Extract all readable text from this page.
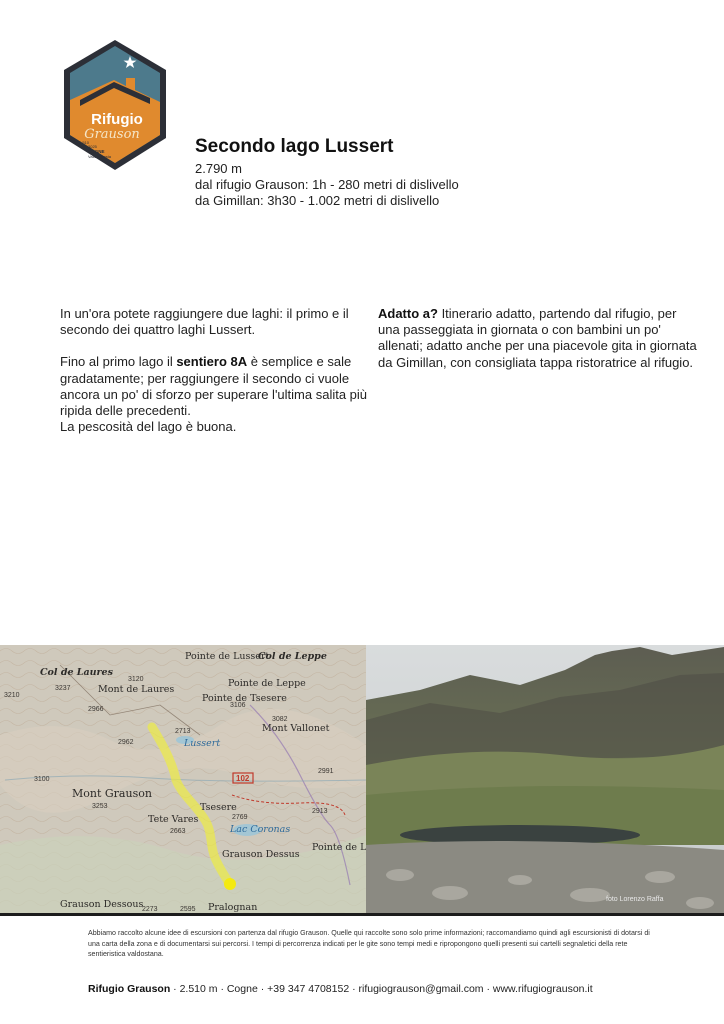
Rifugio
Grauson
2.510
3025
COGNE
Valle d'Aosta	Secondo lago Lussert
2.790 m
dal rifugio Grauson: 1h - 280 metri di dislivello
da Gimillan: 3h30 - 1.002 metri di dislivello

In un'ora potete raggiungere due laghi: il primo e il secondo dei quattro laghi Lussert.

Fino al primo lago il sentiero 8A è semplice e sale gradatamente; per raggiungere il secondo ci vuole ancora un po' di sforzo per superare l'ultima salita più ripida delle precedenti.

La pescosità del lago è buona.

Adatto a? Itinerario adatto, partendo dal rifugio, per una passeggiata in giornata o con bambini un po' allenati; adatto anche per una piacevole gita in giornata da Gimillan, con consigliata tappa ristoratrice al rifugio.

Col de Laures
Mont de Laures
Pointe de Lussert
Col de Leppe
Pointe de Leppe
Pointe de Tsesere
Mont Vallonet
Lussert
Mont Grauson
Tsesere
Tete Vares
Lac Coronas
Grauson Dessus
Pointe de L
Grauson Dessous	Pralognan
102
3120
3237
3106
3082
2966
2962
2713
2991
3253
2663
2769
2913
2273	2595
3210
3100
foto Lorenzo Raffa
Abbiamo raccolto alcune idee di escursioni con partenza dal rifugio Grauson. Quelle qui raccolte sono solo prime informazioni; raccomandiamo quindi agli escursionisti di dotarsi di una carta della zona e di documentarsi sui percorsi. I tempi di percorrenza indicati per le gite sono tempi medi e ripropongono quelli presenti sui cartelli segnaletici della rete sentieristica valdostana.
Rifugio Grauson · 2.510 m · Cogne · +39 347 4708152 · rifugiograuson@gmail.com · www.rifugiograuson.it
